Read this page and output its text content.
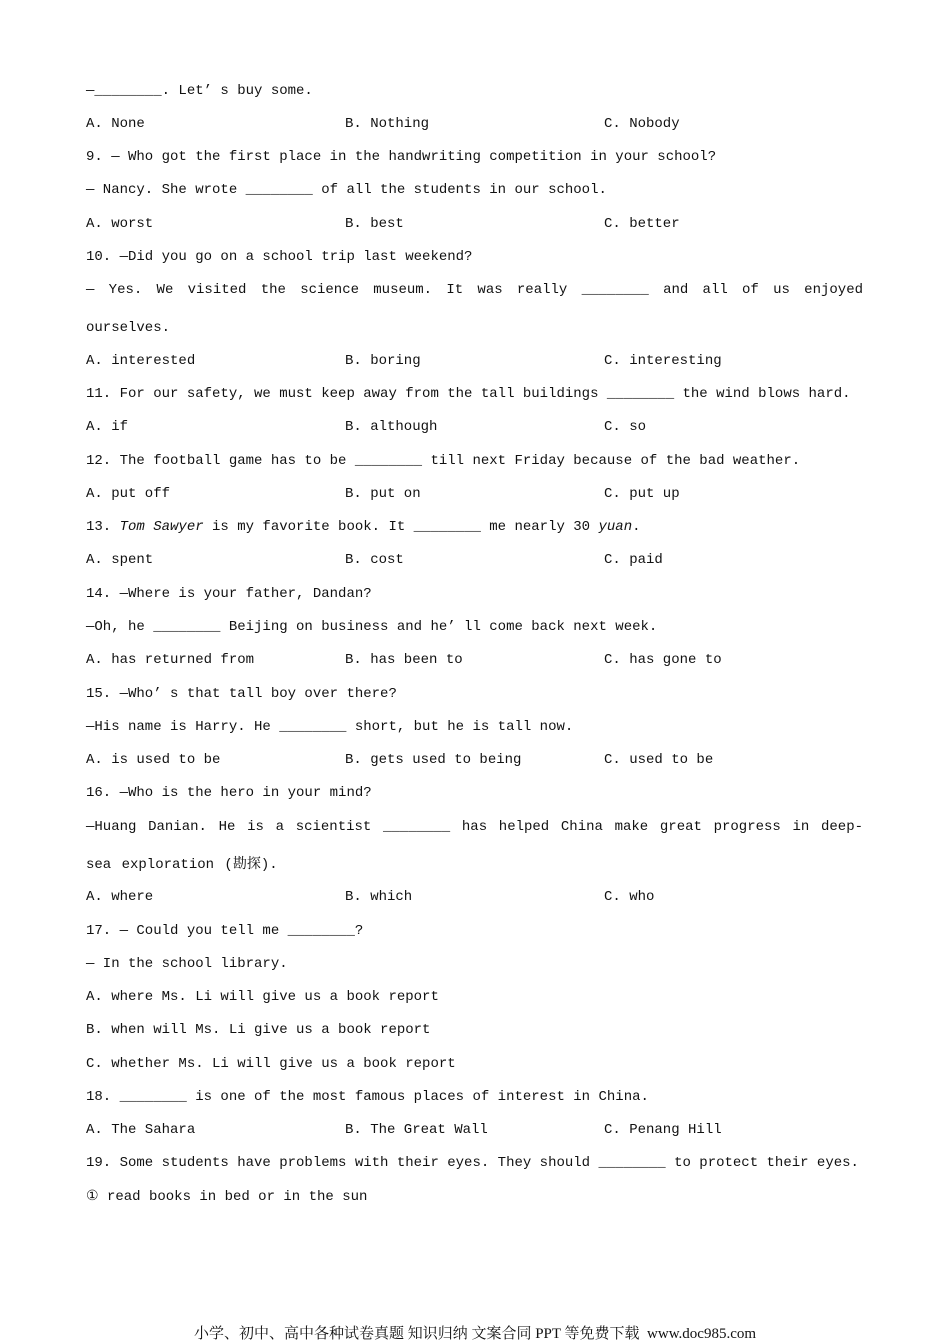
—________. Let’ s buy some.
A. None	B. Nothing	C. Nobody
9. — Who got the first place in the handwriting competition in your school?
— Nancy. She wrote ________ of all the students in our school.
A. worst	B. best	C. better
10. —Did you go on a school trip last weekend?
— Yes. We visited the science museum. It was really ________ and all of us enjoyed ourselves.
A. interested	B. boring	C. interesting
11. For our safety, we must keep away from the tall buildings ________ the wind blows hard.
A. if	B. although	C. so
12. The football game has to be ________ till next Friday because of the bad weather.
A. put off	B. put on	C. put up
13. Tom Sawyer is my favorite book. It ________ me nearly 30 yuan.
A. spent	B. cost	C. paid
14. —Where is your father, Dandan?
—Oh, he ________ Beijing on business and he’ ll come back next week.
A. has returned from	B. has been to	C. has gone to
15. —Who’ s that tall boy over there?
—His name is Harry. He ________ short, but he is tall now.
A. is used to be	B. gets used to being	C. used to be
16. —Who is the hero in your mind?
—Huang Danian. He is a scientist ________ has helped China make great progress in deep-sea exploration (勘探).
A. where	B. which	C. who
17. — Could you tell me ________?
— In the school library.
A. where Ms. Li will give us a book report
B. when will Ms. Li give us a book report
C. whether Ms. Li will give us a book report
18. ________ is one of the most famous places of interest in China.
A. The Sahara	B. The Great Wall	C. Penang Hill
19. Some students have problems with their eyes. They should ________ to protect their eyes.
① read books in bed or in the sun
小学、初中、高中各种试卷真题 知识归纳 文案合同 PPT 等免费下载  www.doc985.com
